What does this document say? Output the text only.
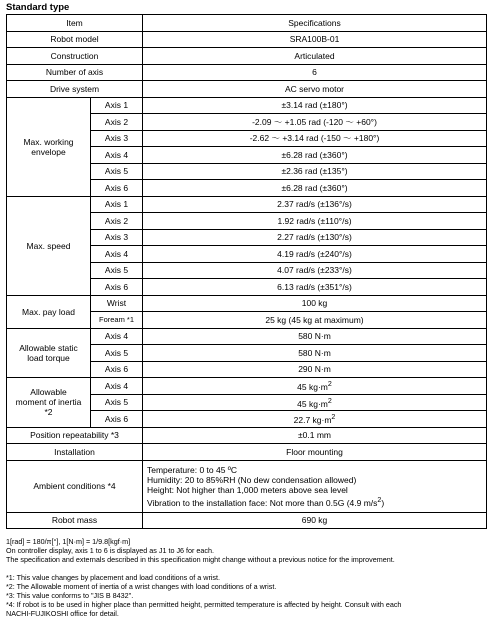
Standard type
Item		Specifications
Robot model		SRA100B-01
Construction		Articulated
Number of axis		6
Drive system		AC servo motor
Max. working envelope	Axis 1	±3.14 rad (±180°)
	Axis 2	-2.09 ～ +1.05 rad (-120 ～ +60°)
	Axis 3	-2.62 ～ +3.14 rad (-150 ～ +180°)
	Axis 4	±6.28 rad (±360°)
	Axis 5	±2.36 rad (±135°)
	Axis 6	±6.28 rad (±360°)
Max. speed	Axis 1	2.37 rad/s (±136°/s)
	Axis 2	1.92 rad/s (±110°/s)
	Axis 3	2.27 rad/s (±130°/s)
	Axis 4	4.19 rad/s (±240°/s)
	Axis 5	4.07 rad/s (±233°/s)
	Axis 6	6.13 rad/s (±351°/s)
Max. pay load	Wrist	100 kg
	Foream *1	25 kg (45 kg at maximum)
Allowable static load torque	Axis 4	580 N·m
	Axis 5	580 N·m
	Axis 6	290 N·m
Allowable
moment of inertia
*2	Axis 4	45 $kg\cdot m^2$
	Axis 5	45 $kg\cdot m^2$
	Axis 6	22.7 $kg\cdot m^2$
Position repeatability *3		±0.1 mm
Installation		Floor mounting
Ambient conditions *4		Temperature: 0 to 45 ºC
Humidity: 20 to 85%RH (No dew condensation allowed)
Height: Not higher than 1,000 meters above sea level
Vibration to the installation face: Not more than 0.5G (4.9 $m/s^2$)

Robot mass		690 kg
1[rad] = 180/π[°], 1[N·m] = 1/9.8[kgf·m]
On controller display, axis 1 to 6 is displayed as J1 to J6 for each.
The specification and externals described in this specification might change without a previous notice for the improvement.
*1: This value changes by placement and load conditions of a wrist.
*2: The Allowable moment of inertia of a wrist changes with load conditions of a wrist.
*3: This value conforms to "JIS B 8432".
*4: If robot is to be used in higher place than permitted height, permitted temperature is affected by height. Consult with each
NACHI-FUJIKOSHI office for detail.
